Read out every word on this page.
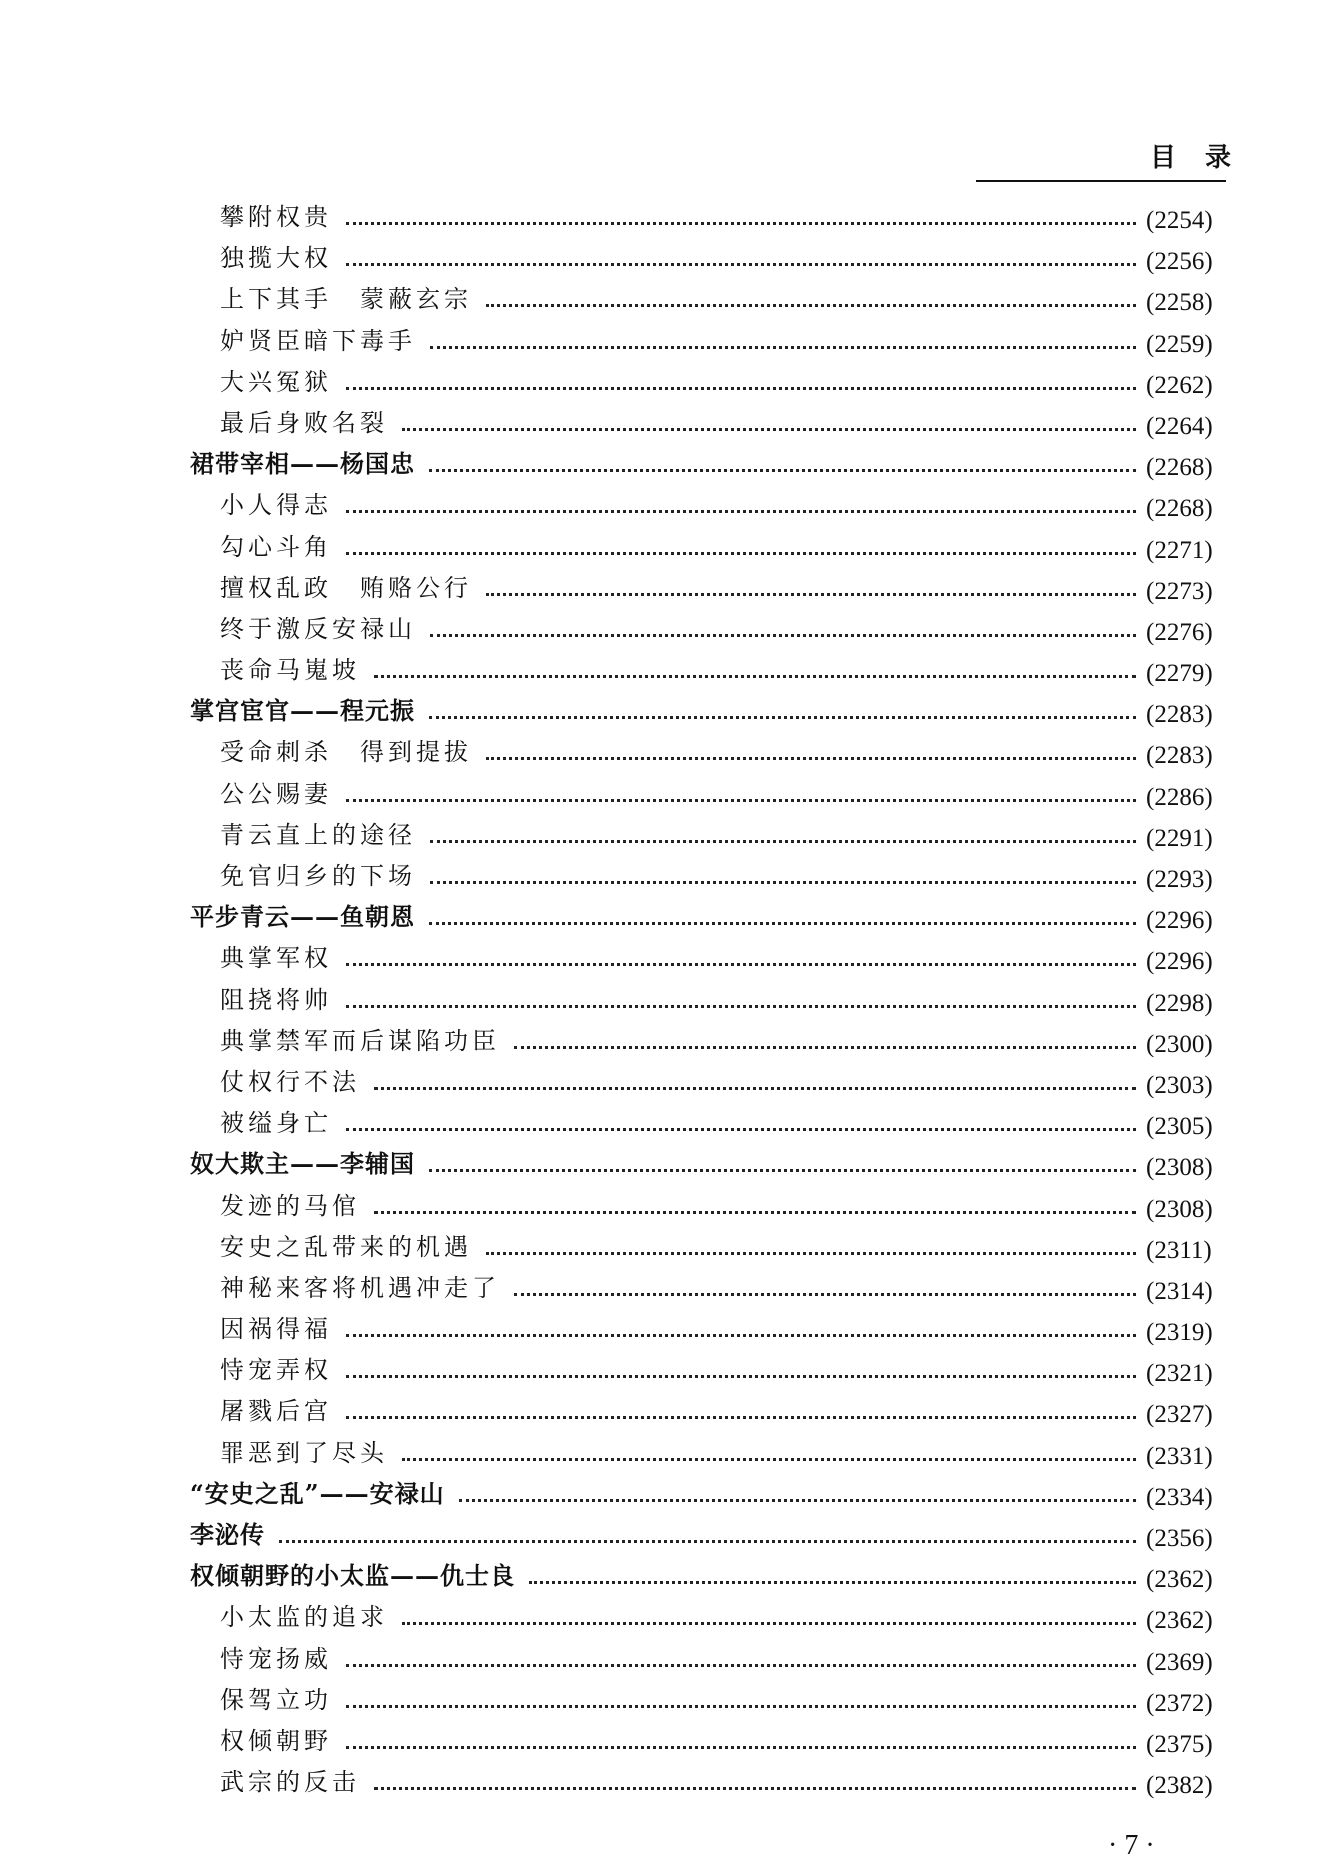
目 录
攀附权贵	(2254)
独揽大权	(2256)
上下其手　蒙蔽玄宗	(2258)
妒贤臣暗下毒手	(2259)
大兴冤狱	(2262)
最后身败名裂	(2264)
裙带宰相——杨国忠	(2268)
小人得志	(2268)
勾心斗角	(2271)
擅权乱政　贿赂公行	(2273)
终于激反安禄山	(2276)
丧命马嵬坡	(2279)
掌宫宦官——程元振	(2283)
受命刺杀　得到提拔	(2283)
公公赐妻	(2286)
青云直上的途径	(2291)
免官归乡的下场	(2293)
平步青云——鱼朝恩	(2296)
典掌军权	(2296)
阻挠将帅	(2298)
典掌禁军而后谋陷功臣	(2300)
仗权行不法	(2303)
被缢身亡	(2305)
奴大欺主——李辅国	(2308)
发迹的马倌	(2308)
安史之乱带来的机遇	(2311)
神秘来客将机遇冲走了	(2314)
因祸得福	(2319)
恃宠弄权	(2321)
屠戮后宫	(2327)
罪恶到了尽头	(2331)
“安史之乱”——安禄山	(2334)
李泌传	(2356)
权倾朝野的小太监——仇士良	(2362)
小太监的追求	(2362)
恃宠扬威	(2369)
保驾立功	(2372)
权倾朝野	(2375)
武宗的反击	(2382)
· 7 ·
